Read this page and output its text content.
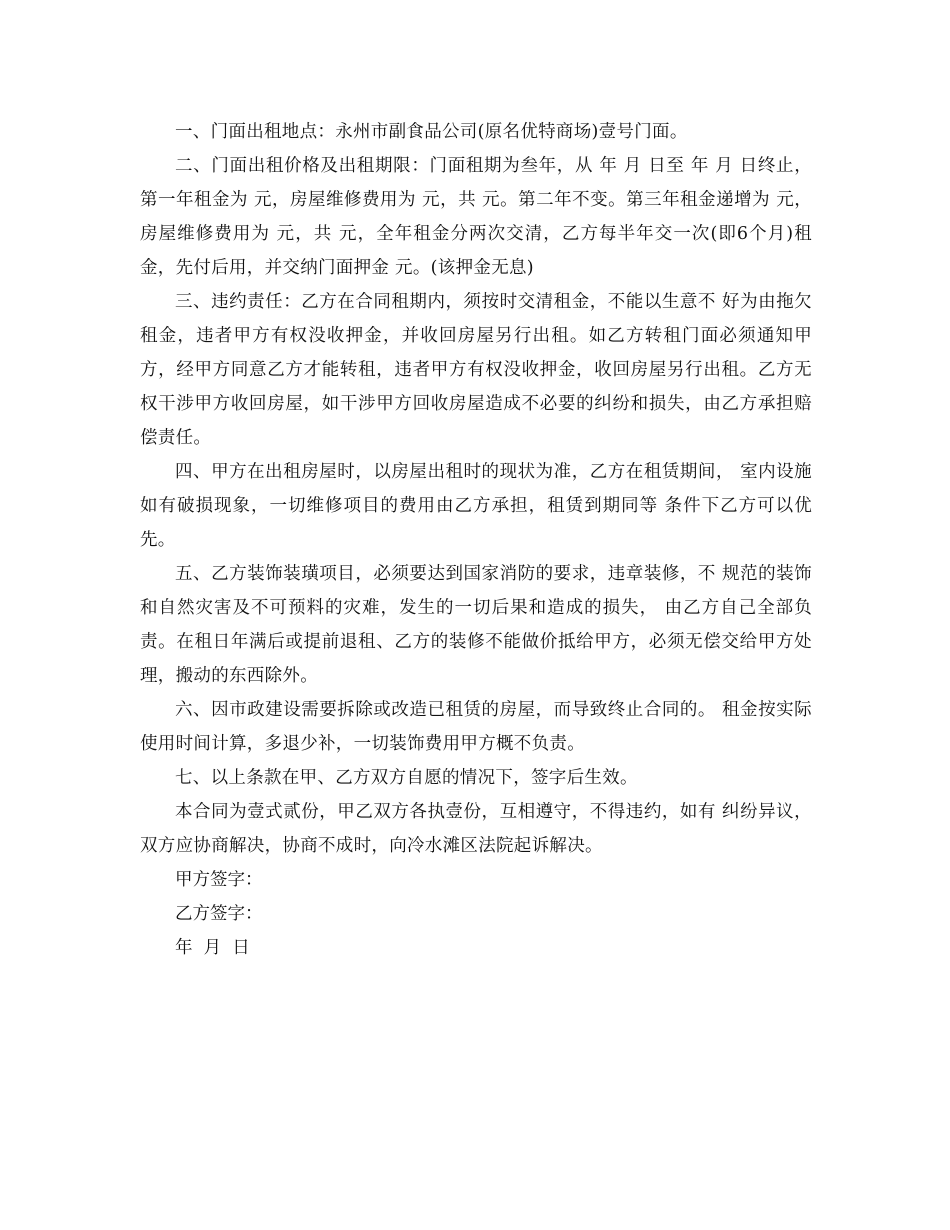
一、门面出租地点：永州市副食品公司(原名优特商场)壹号门面。

二、门面出租价格及出租期限：门面租期为叁年，从 年 月 日至 年 月 日终止，第一年租金为 元，房屋维修费用为 元，共 元。第二年不变。第三年租金递增为 元，房屋维修费用为 元，共 元，全年租金分两次交清，乙方每半年交一次(即6个月)租金，先付后用，并交纳门面押金 元。(该押金无息)

三、违约责任：乙方在合同租期内，须按时交清租金，不能以生意不 好为由拖欠租金，违者甲方有权没收押金，并收回房屋另行出租。如乙方转租门面必须通知甲方，经甲方同意乙方才能转租，违者甲方有权没收押金，收回房屋另行出租。乙方无权干涉甲方收回房屋，如干涉甲方回收房屋造成不必要的纠纷和损失，由乙方承担赔偿责任。

四、甲方在出租房屋时，以房屋出租时的现状为准，乙方在租赁期间， 室内设施如有破损现象，一切维修项目的费用由乙方承担，租赁到期同等 条件下乙方可以优先。

五、乙方装饰装璜项目，必须要达到国家消防的要求，违章装修，不 规范的装饰和自然灾害及不可预料的灾难，发生的一切后果和造成的损失， 由乙方自己全部负责。在租日年满后或提前退租、乙方的装修不能做价抵给甲方，必须无偿交给甲方处理，搬动的东西除外。

六、因市政建设需要拆除或改造已租赁的房屋，而导致终止合同的。 租金按实际使用时间计算，多退少补，一切装饰费用甲方概不负责。

七、以上条款在甲、乙方双方自愿的情况下，签字后生效。

本合同为壹式贰份，甲乙双方各执壹份，互相遵守，不得违约，如有 纠纷异议，双方应协商解决，协商不成时，向冷水滩区法院起诉解决。

甲方签字：

乙方签字：

年  月  日
